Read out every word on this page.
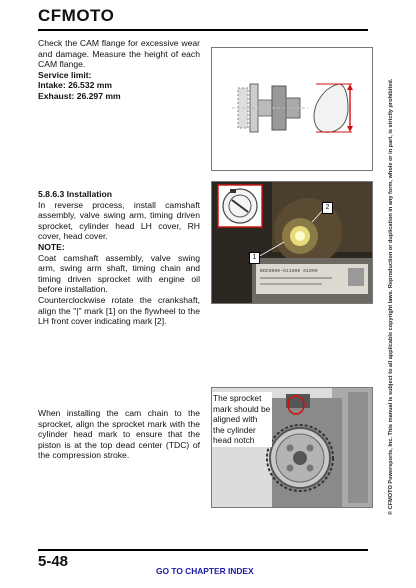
CFMOTO
Check the CAM flange for excessive wear and damage. Measure the height of each CAM flange.
Service limit:
Intake: 26.532 mm
Exhaust: 26.297 mm
5.8.6.3 Installation
In reverse process, install camshaft assembly, valve swing arm, timing driven sprocket, cylinder head LH cover, RH cover, head cover.
NOTE:
Coat camshaft assembly, valve swing arm, swing arm shaft, timing chain and timing driven sprocket with engine oil before installation.
Counterclockwise rotate the crankshaft, align the "|" mark [1] on the flywheel to the LH front cover indicating mark [2].
BOC0000-011000 01000
2
1
When installing the cam chain to the sprocket, align the sprocket mark with the cylinder head mark to ensure that the piston is at the top dead center (TDC) of the compression stroke.
The sprocket mark should be aligned with the cylinder head notch	© CFMOTO Powersports, Inc. This manual is subject to all applicable copyright laws. Reproduction or duplication in any form, whole or in part, is strictly prohibited.
5-48
GO TO CHAPTER INDEX
